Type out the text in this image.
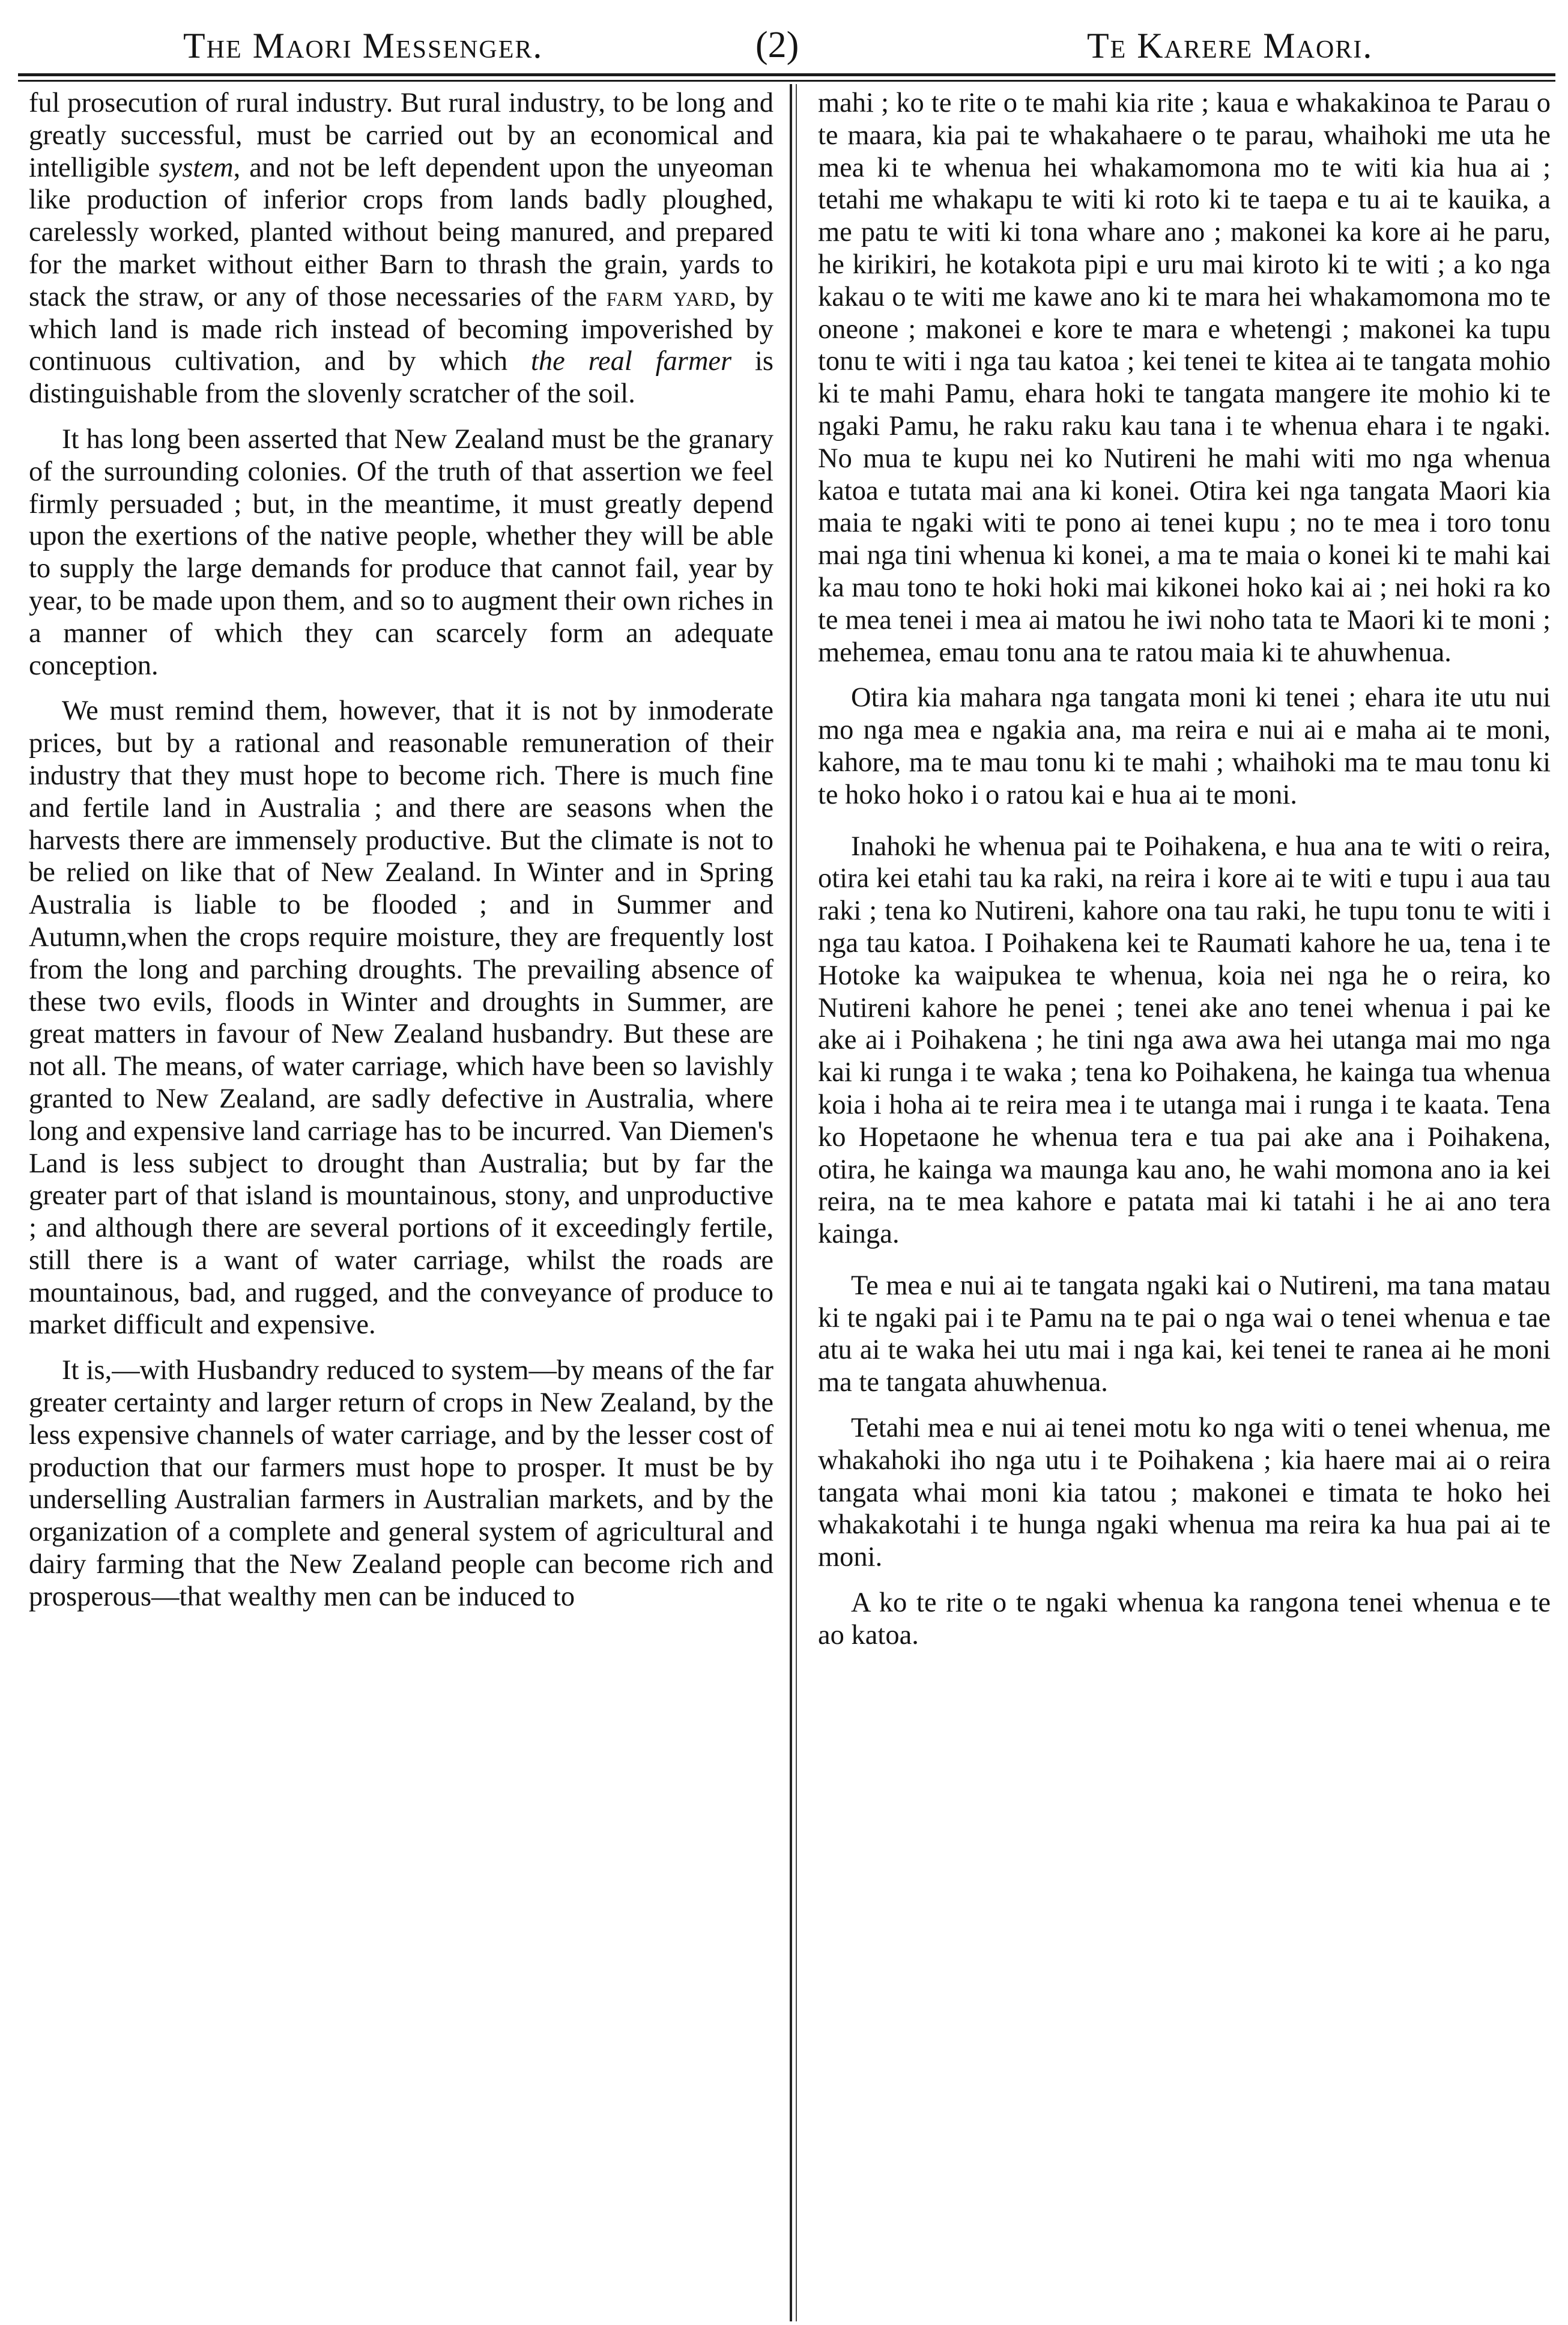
The Maori Messenger.	(2)	Te Karere Maori.

ful prosecution of rural industry. But rural industry, to be long and greatly successful, must be carried out by an economical and intelligible system, and not be left dependent upon the unyeoman like production of inferior crops from lands badly ploughed, carelessly worked, planted without being manured, and prepared for the market without either Barn to thrash the grain, yards to stack the straw, or any of those necessaries of the farm yard, by which land is made rich instead of becoming impoverished by continuous cultivation, and by which the real farmer is distinguishable from the slovenly scratcher of the soil.

It has long been asserted that New Zealand must be the granary of the surrounding colonies. Of the truth of that assertion we feel firmly persuaded ; but, in the meantime, it must greatly depend upon the exertions of the native people, whether they will be able to supply the large demands for produce that cannot fail, year by year, to be made upon them, and so to augment their own riches in a manner of which they can scarcely form an adequate conception.

We must remind them, however, that it is not by inmoderate prices, but by a rational and reasonable remuneration of their industry that they must hope to become rich. There is much fine and fertile land in Australia ; and there are seasons when the harvests there are immensely productive. But the climate is not to be relied on like that of New Zealand. In Winter and in Spring Australia is liable to be flooded ; and in Summer and Autumn,when the crops require moisture, they are frequently lost from the long and parching droughts. The prevailing absence of these two evils, floods in Winter and droughts in Summer, are great matters in favour of New Zealand husbandry. But these are not all. The means, of water carriage, which have been so lavishly granted to New Zealand, are sadly defective in Australia, where long and expensive land carriage has to be incurred. Van Diemen's Land is less subject to drought than Australia; but by far the greater part of that island is mountainous, stony, and unproductive ; and although there are several portions of it exceedingly fertile, still there is a want of water carriage, whilst the roads are mountainous, bad, and rugged, and the conveyance of produce to market difficult and expensive.

It is,—with Husbandry reduced to system—by means of the far greater certainty and larger return of crops in New Zealand, by the less expensive channels of water carriage, and by the lesser cost of production that our farmers must hope to prosper. It must be by underselling Australian farmers in Australian markets, and by the organization of a complete and general system of agricultural and dairy farming that the New Zealand people can become rich and prosperous—that wealthy men can be induced to

mahi ; ko te rite o te mahi kia rite ; kaua e whakakinoa te Parau o te maara, kia pai te whakahaere o te parau, whaihoki me uta he mea ki te whenua hei whakamomona mo te witi kia hua ai ; tetahi me whakapu te witi ki roto ki te taepa e tu ai te kauika, a me patu te witi ki tona whare ano ; makonei ka kore ai he paru, he kirikiri, he kotakota pipi e uru mai kiroto ki te witi ; a ko nga kakau o te witi me kawe ano ki te mara hei whakamomona mo te oneone ; makonei e kore te mara e whetengi ; makonei ka tupu tonu te witi i nga tau katoa ; kei tenei te kitea ai te tangata mohio ki te mahi Pamu, ehara hoki te tangata mangere ite mohio ki te ngaki Pamu, he raku raku kau tana i te whenua ehara i te ngaki. No mua te kupu nei ko Nutireni he mahi witi mo nga whenua katoa e tutata mai ana ki konei. Otira kei nga tangata Maori kia maia te ngaki witi te pono ai tenei kupu ; no te mea i toro tonu mai nga tini whenua ki konei, a ma te maia o konei ki te mahi kai ka mau tono te hoki hoki mai kikonei hoko kai ai ; nei hoki ra ko te mea tenei i mea ai matou he iwi noho tata te Maori ki te moni ; mehemea, emau tonu ana te ratou maia ki te ahuwhenua.

Otira kia mahara nga tangata moni ki tenei ; ehara ite utu nui mo nga mea e ngakia ana, ma reira e nui ai e maha ai te moni, kahore, ma te mau tonu ki te mahi ; whaihoki ma te mau tonu ki te hoko hoko i o ratou kai e hua ai te moni.

Inahoki he whenua pai te Poihakena, e hua ana te witi o reira, otira kei etahi tau ka raki, na reira i kore ai te witi e tupu i aua tau raki ; tena ko Nutireni, kahore ona tau raki, he tupu tonu te witi i nga tau katoa. I Poihakena kei te Raumati kahore he ua, tena i te Hotoke ka waipukea te whenua, koia nei nga he o reira, ko Nutireni kahore he penei ; tenei ake ano tenei whenua i pai ke ake ai i Poihakena ; he tini nga awa awa hei utanga mai mo nga kai ki runga i te waka ; tena ko Poihakena, he kainga tua whenua koia i hoha ai te reira mea i te utanga mai i runga i te kaata. Tena ko Hopetaone he whenua tera e tua pai ake ana i Poihakena, otira, he kainga wa maunga kau ano, he wahi momona ano ia kei reira, na te mea kahore e patata mai ki tatahi i he ai ano tera kainga.

Te mea e nui ai te tangata ngaki kai o Nutireni, ma tana matau ki te ngaki pai i te Pamu na te pai o nga wai o tenei whenua e tae atu ai te waka hei utu mai i nga kai, kei tenei te ranea ai he moni ma te tangata ahuwhenua.

Tetahi mea e nui ai tenei motu ko nga witi o tenei whenua, me whakahoki iho nga utu i te Poihakena ; kia haere mai ai o reira tangata whai moni kia tatou ; makonei e timata te hoko hei whakakotahi i te hunga ngaki whenua ma reira ka hua pai ai te moni.

A ko te rite o te ngaki whenua ka rangona tenei whenua e te ao katoa.
